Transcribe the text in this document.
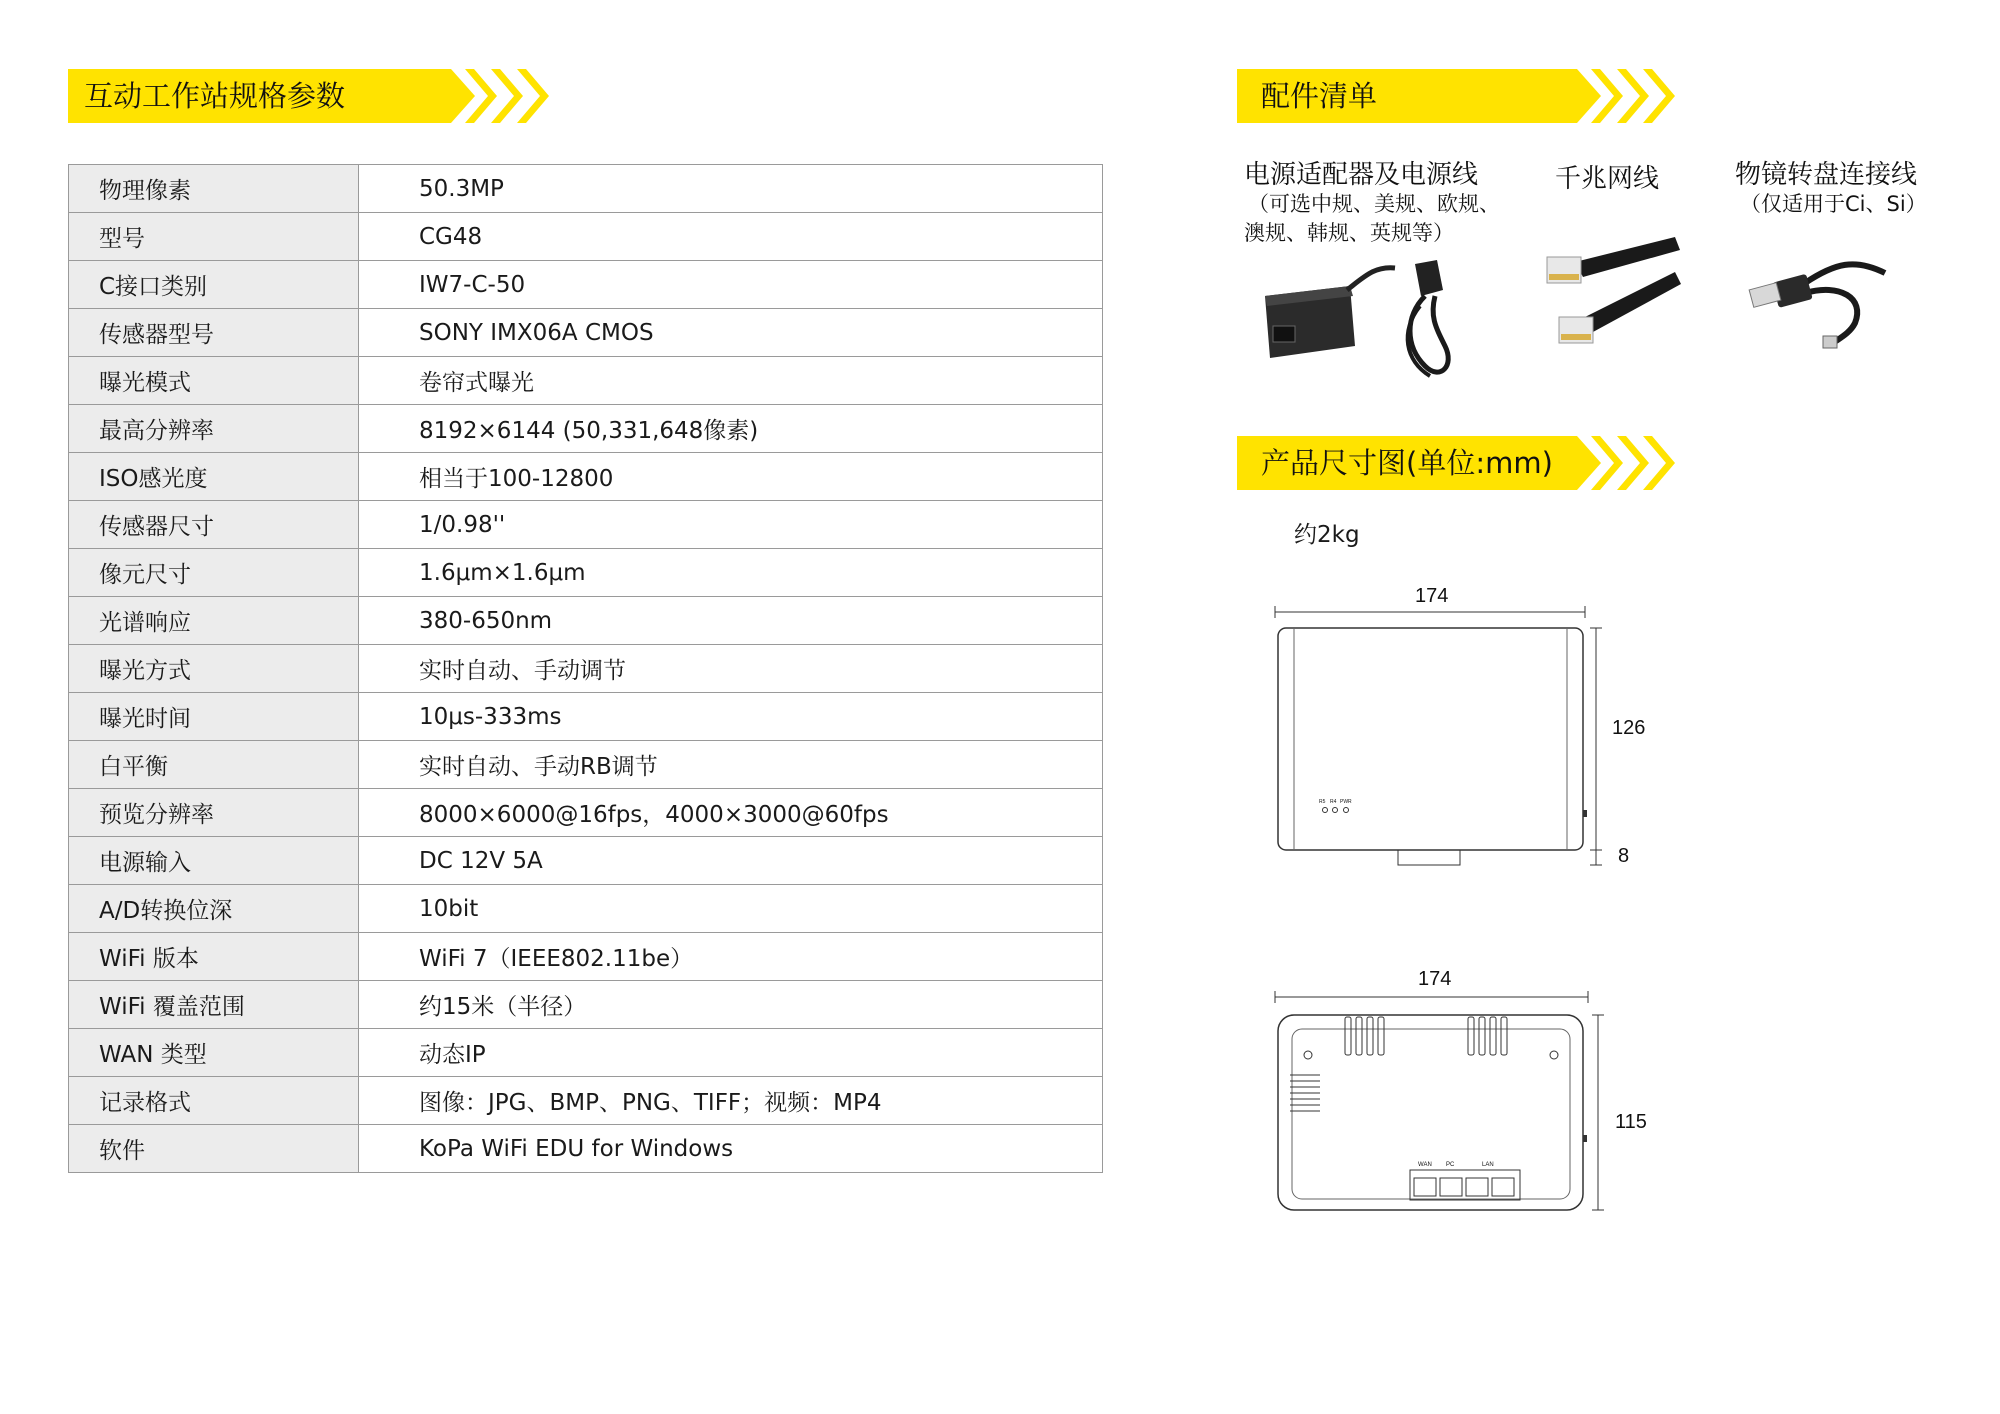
互动工作站规格参数
物理像素	50.3MP
型号	CG48
C接口类别	IW7-C-50
传感器型号	SONY IMX06A CMOS
曝光模式	卷帘式曝光
最高分辨率	8192×6144 (50,331,648像素)
ISO感光度	相当于100-12800
传感器尺寸	1/0.98''
像元尺寸	1.6μm×1.6μm
光谱响应	380-650nm
曝光方式	实时自动、手动调节
曝光时间	10μs-333ms
白平衡	实时自动、手动RB调节
预览分辨率	8000×6000@16fps，4000×3000@60fps
电源输入	DC 12V 5A
A/D转换位深	10bit
WiFi 版本	WiFi 7（IEEE802.11be）
WiFi 覆盖范围	约15米（半径）
WAN 类型	动态IP
记录格式	图像：JPG、BMP、PNG、TIFF；视频：MP4
软件	KoPa WiFi EDU for Windows
配件清单
电源适配器及电源线
（可选中规、美规、欧规、
澳规、韩规、英规等）
千兆网线	物镜转盘连接线
（仅适用于Ci、Si）
产品尺寸图(单位:mm)
约2kg
174
126
8
R5 R4 PWR
174
115
WAN PC	LAN
